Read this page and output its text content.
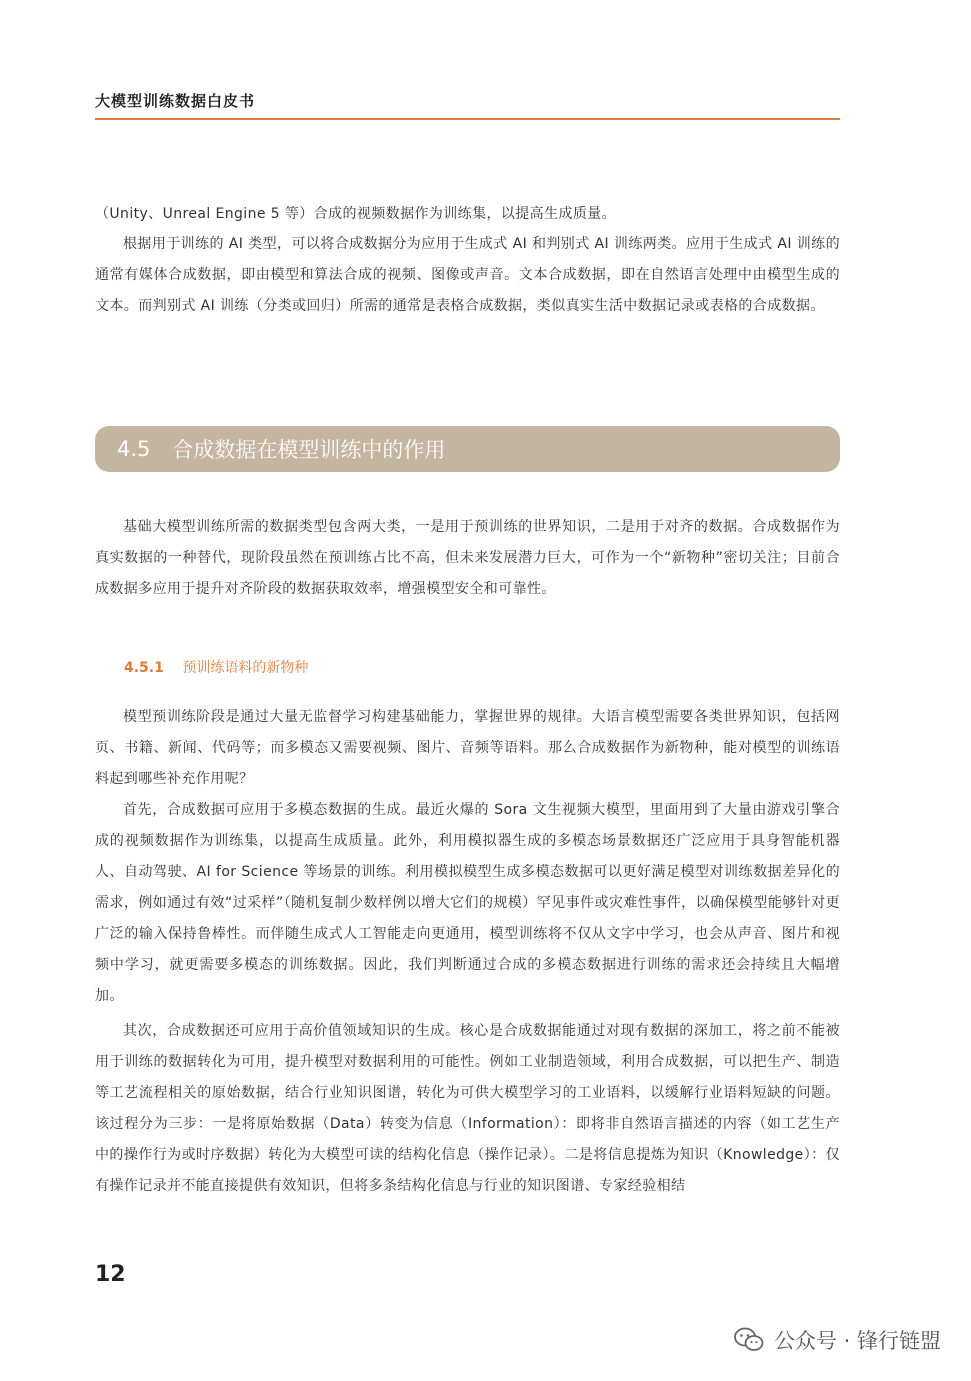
大模型训练数据白皮书

（Unity、Unreal Engine 5 等）合成的视频数据作为训练集，以提高生成质量。

根据用于训练的 AI 类型，可以将合成数据分为应用于生成式 AI 和判别式 AI 训练两类。应用于生成式 AI 训练的通常有媒体合成数据，即由模型和算法合成的视频、图像或声音。文本合成数据，即在自然语言处理中由模型生成的文本。而判别式 AI 训练（分类或回归）所需的通常是表格合成数据，类似真实生活中数据记录或表格的合成数据。

4.5 合成数据在模型训练中的作用

基础大模型训练所需的数据类型包含两大类，一是用于预训练的世界知识，二是用于对齐的数据。合成数据作为真实数据的一种替代，现阶段虽然在预训练占比不高，但未来发展潜力巨大，可作为一个“新物种”密切关注；目前合成数据多应用于提升对齐阶段的数据获取效率，增强模型安全和可靠性。

4.5.1 预训练语料的新物种

模型预训练阶段是通过大量无监督学习构建基础能力，掌握世界的规律。大语言模型需要各类世界知识，包括网页、书籍、新闻、代码等；而多模态又需要视频、图片、音频等语料。那么合成数据作为新物种，能对模型的训练语料起到哪些补充作用呢？

首先，合成数据可应用于多模态数据的生成。最近火爆的 Sora 文生视频大模型，里面用到了大量由游戏引擎合成的视频数据作为训练集，以提高生成质量。此外，利用模拟器生成的多模态场景数据还广泛应用于具身智能机器人、自动驾驶、AI for Science 等场景的训练。利用模拟模型生成多模态数据可以更好满足模型对训练数据差异化的需求，例如通过有效“过采样”（随机复制少数样例以增大它们的规模）罕见事件或灾难性事件，以确保模型能够针对更广泛的输入保持鲁棒性。而伴随生成式人工智能走向更通用，模型训练将不仅从文字中学习，也会从声音、图片和视频中学习，就更需要多模态的训练数据。因此，我们判断通过合成的多模态数据进行训练的需求还会持续且大幅增加。

其次，合成数据还可应用于高价值领域知识的生成。核心是合成数据能通过对现有数据的深加工，将之前不能被用于训练的数据转化为可用，提升模型对数据利用的可能性。例如工业制造领域，利用合成数据，可以把生产、制造等工艺流程相关的原始数据，结合行业知识图谱，转化为可供大模型学习的工业语料，以缓解行业语料短缺的问题。该过程分为三步：一是将原始数据（Data）转变为信息（Information）：即将非自然语言描述的内容（如工艺生产中的操作行为或时序数据）转化为大模型可读的结构化信息（操作记录）。二是将信息提炼为知识（Knowledge）：仅有操作记录并不能直接提供有效知识，但将多条结构化信息与行业的知识图谱、专家经验相结

12
公众号 · 锋行链盟
